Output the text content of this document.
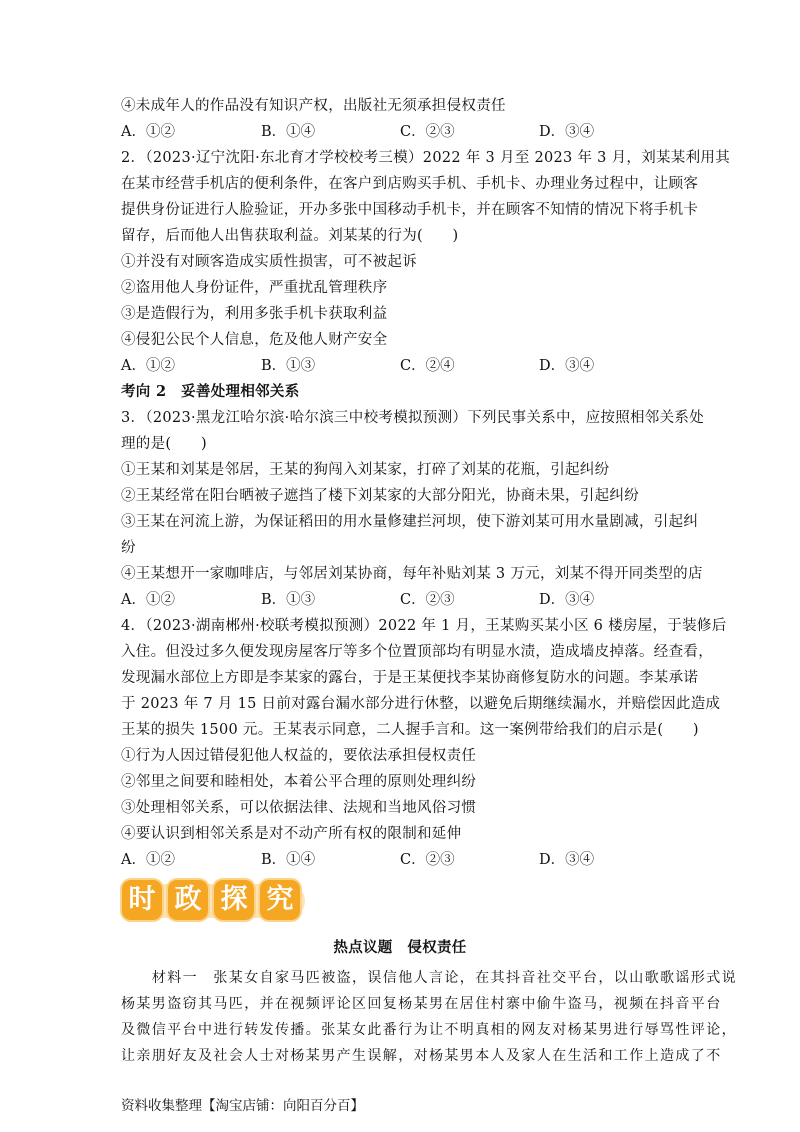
④未成年人的作品没有知识产权，出版社无须承担侵权责任
A．①②	B．①④	C．②③	D．③④
2．（2023·辽宁沈阳·东北育才学校校考三模）2022 年 3 月至 2023 年 3 月，刘某某利用其
在某市经营手机店的便利条件，在客户到店购买手机、手机卡、办理业务过程中，让顾客
提供身份证进行人脸验证，开办多张中国移动手机卡，并在顾客不知情的情况下将手机卡
留存，后而他人出售获取利益。刘某某的行为(　　)
①并没有对顾客造成实质性损害，可不被起诉
②盗用他人身份证件，严重扰乱管理秩序
③是造假行为，利用多张手机卡获取利益
④侵犯公民个人信息，危及他人财产安全
A．①②	B．①③	C．②④	D．③④
考向 2　妥善处理相邻关系
3．（2023·黑龙江哈尔滨·哈尔滨三中校考模拟预测）下列民事关系中，应按照相邻关系处
理的是(　　)
①王某和刘某是邻居，王某的狗闯入刘某家，打碎了刘某的花瓶，引起纠纷
②王某经常在阳台晒被子遮挡了楼下刘某家的大部分阳光，协商未果，引起纠纷
③王某在河流上游，为保证稻田的用水量修建拦河坝，使下游刘某可用水量剧减，引起纠
纷
④王某想开一家咖啡店，与邻居刘某协商，每年补贴刘某 3 万元，刘某不得开同类型的店
A．①②	B．①③	C．②③	D．③④
4．（2023·湖南郴州·校联考模拟预测）2022 年 1 月，王某购买某小区 6 楼房屋，于装修后
入住。但没过多久便发现房屋客厅等多个位置顶部均有明显水渍，造成墙皮掉落。经查看，
发现漏水部位上方即是李某家的露台，于是王某便找李某协商修复防水的问题。李某承诺
于 2023 年 7 月 15 日前对露台漏水部分进行休整，以避免后期继续漏水，并赔偿因此造成
王某的损失 1500 元。王某表示同意，二人握手言和。这一案例带给我们的启示是(　　)
①行为人因过错侵犯他人权益的，要依法承担侵权责任
②邻里之间要和睦相处，本着公平合理的原则处理纠纷
③处理相邻关系，可以依据法律、法规和当地风俗习惯
④要认识到相邻关系是对不动产所有权的限制和延伸
A．①②	B．①④	C．②③	D．③④
时 政 探 究
热点议题　侵权责任
　　材料一　张某女自家马匹被盗，误信他人言论，在其抖音社交平台，以山歌歌谣形式说
杨某男盗窃其马匹，并在视频评论区回复杨某男在居住村寨中偷牛盗马，视频在抖音平台
及微信平台中进行转发传播。张某女此番行为让不明真相的网友对杨某男进行辱骂性评论，
让亲朋好友及社会人士对杨某男产生误解，对杨某男本人及家人在生活和工作上造成了不
资料收集整理【淘宝店铺：向阳百分百】
